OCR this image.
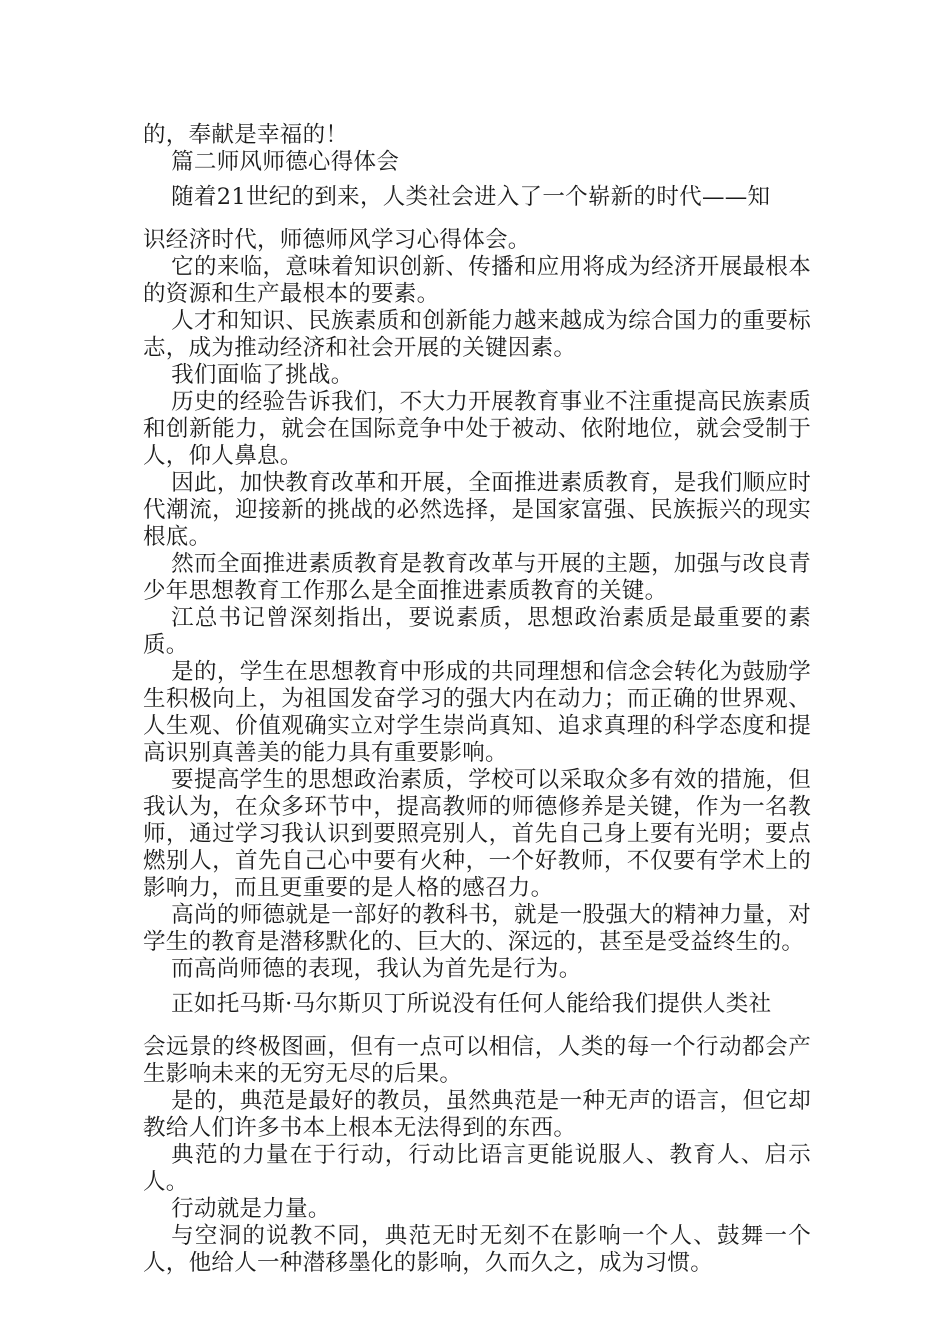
的，奉献是幸福的！

篇二师风师德心得体会

随着21世纪的到来，人类社会进入了一个崭新的时代——知

识经济时代，师德师风学习心得体会。

它的来临，意味着知识创新、传播和应用将成为经济开展最根本的资源和生产最根本的要素。

人才和知识、民族素质和创新能力越来越成为综合国力的重要标志，成为推动经济和社会开展的关键因素。

我们面临了挑战。

历史的经验告诉我们，不大力开展教育事业不注重提高民族素质和创新能力，就会在国际竞争中处于被动、依附地位，就会受制于人，仰人鼻息。

因此，加快教育改革和开展，全面推进素质教育，是我们顺应时代潮流，迎接新的挑战的必然选择，是国家富强、民族振兴的现实根底。

然而全面推进素质教育是教育改革与开展的主题，加强与改良青少年思想教育工作那么是全面推进素质教育的关键。

江总书记曾深刻指出，要说素质，思想政治素质是最重要的素质。

是的，学生在思想教育中形成的共同理想和信念会转化为鼓励学生积极向上，为祖国发奋学习的强大内在动力；而正确的世界观、人生观、价值观确实立对学生崇尚真知、追求真理的科学态度和提高识别真善美的能力具有重要影响。

要提高学生的思想政治素质，学校可以采取众多有效的措施，但我认为，在众多环节中，提高教师的师德修养是关键，作为一名教师，通过学习我认识到要照亮别人，首先自己身上要有光明；要点燃别人，首先自己心中要有火种，一个好教师，不仅要有学术上的影响力，而且更重要的是人格的感召力。

高尚的师德就是一部好的教科书，就是一股强大的精神力量，对学生的教育是潜移默化的、巨大的、深远的，甚至是受益终生的。

而高尚师德的表现，我认为首先是行为。

正如托马斯·马尔斯贝丁所说没有任何人能给我们提供人类社

会远景的终极图画，但有一点可以相信，人类的每一个行动都会产生影响未来的无穷无尽的后果。

是的，典范是最好的教员，虽然典范是一种无声的语言，但它却教给人们许多书本上根本无法得到的东西。

典范的力量在于行动，行动比语言更能说服人、教育人、启示人。

行动就是力量。

与空洞的说教不同，典范无时无刻不在影响一个人、鼓舞一个人，他给人一种潜移墨化的影响，久而久之，成为习惯。
